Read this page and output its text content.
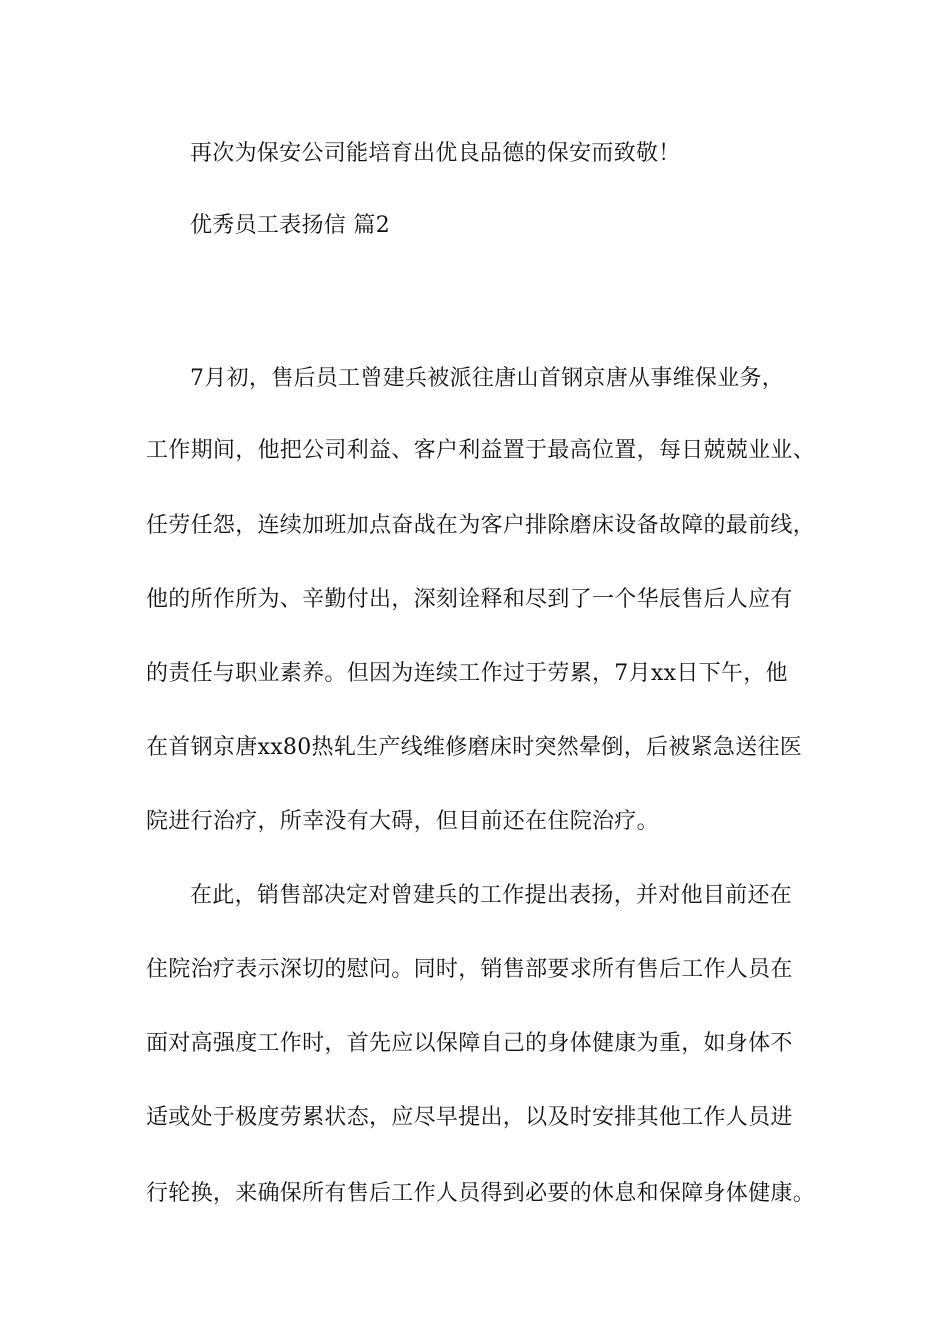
再次为保安公司能培育出优良品德的保安而致敬！
优秀员工表扬信 篇2
7月初，售后员工曾建兵被派往唐山首钢京唐从事维保业务，
工作期间，他把公司利益、客户利益置于最高位置，每日兢兢业业、
任劳任怨，连续加班加点奋战在为客户排除磨床设备故障的最前线，
他的所作所为、辛勤付出，深刻诠释和尽到了一个华辰售后人应有
的责任与职业素养。但因为连续工作过于劳累，7月xx日下午，他
在首钢京唐xx80热轧生产线维修磨床时突然晕倒，后被紧急送往医
院进行治疗，所幸没有大碍，但目前还在住院治疗。
在此，销售部决定对曾建兵的工作提出表扬，并对他目前还在
住院治疗表示深切的慰问。同时，销售部要求所有售后工作人员在
面对高强度工作时，首先应以保障自己的身体健康为重，如身体不
适或处于极度劳累状态，应尽早提出，以及时安排其他工作人员进
行轮换，来确保所有售后工作人员得到必要的休息和保障身体健康。
